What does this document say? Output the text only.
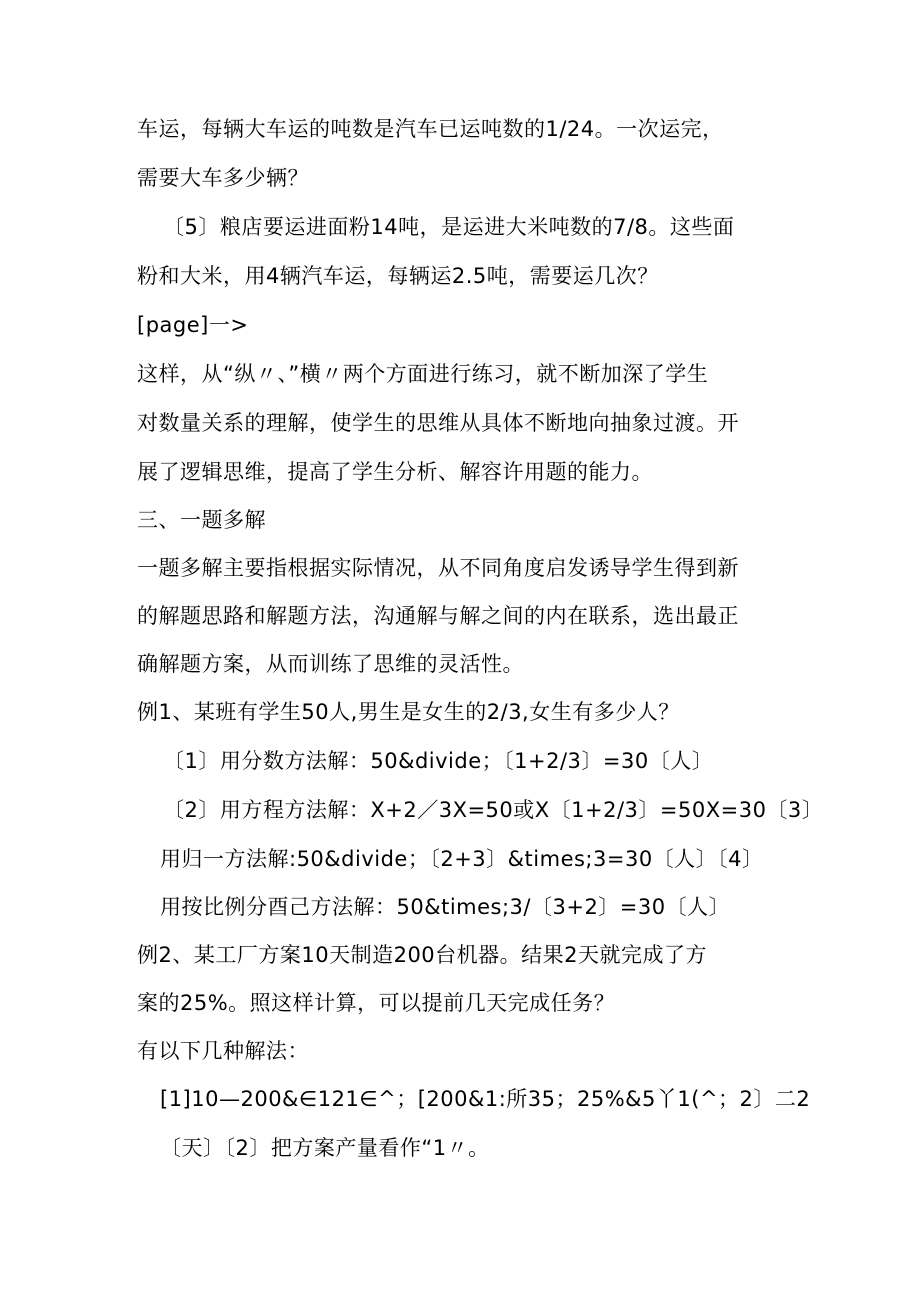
车运，每辆大车运的吨数是汽车已运吨数的1/24。一次运完，
需要大车多少辆？
〔5〕粮店要运进面粉14吨，是运进大米吨数的7/8。这些面
粉和大米，用4辆汽车运，每辆运2.5吨，需要运几次？
[page]一>
这样，从“纵〃、”横〃两个方面进行练习，就不断加深了学生
对数量关系的理解，使学生的思维从具体不断地向抽象过渡。开
展了逻辑思维，提高了学生分析、解容许用题的能力。
三、一题多解
一题多解主要指根据实际情况，从不同角度启发诱导学生得到新
的解题思路和解题方法，沟通解与解之间的内在联系，选出最正
确解题方案，从而训练了思维的灵活性。
例1、某班有学生50人,男生是女生的2/3,女生有多少人？
〔1〕用分数方法解：50&divide；〔1+2/3〕=30〔人〕
〔2〕用方程方法解：X+2／3X=50或X〔1+2/3〕=50X=30〔3〕
用归一方法解:50&divide；〔2+3〕&times;3=30〔人〕〔4〕
用按比例分酉己方法解：50&times;3/〔3+2〕=30〔人〕
例2、某工厂方案10天制造200台机器。结果2天就完成了方
案的25%。照这样计算，可以提前几天完成任务？
有以下几种解法：
[1]10—200&∈121∈^；[200&1:所35；25%&5丫1(^；2〕二2
〔天〕〔2〕把方案产量看作“1〃。
